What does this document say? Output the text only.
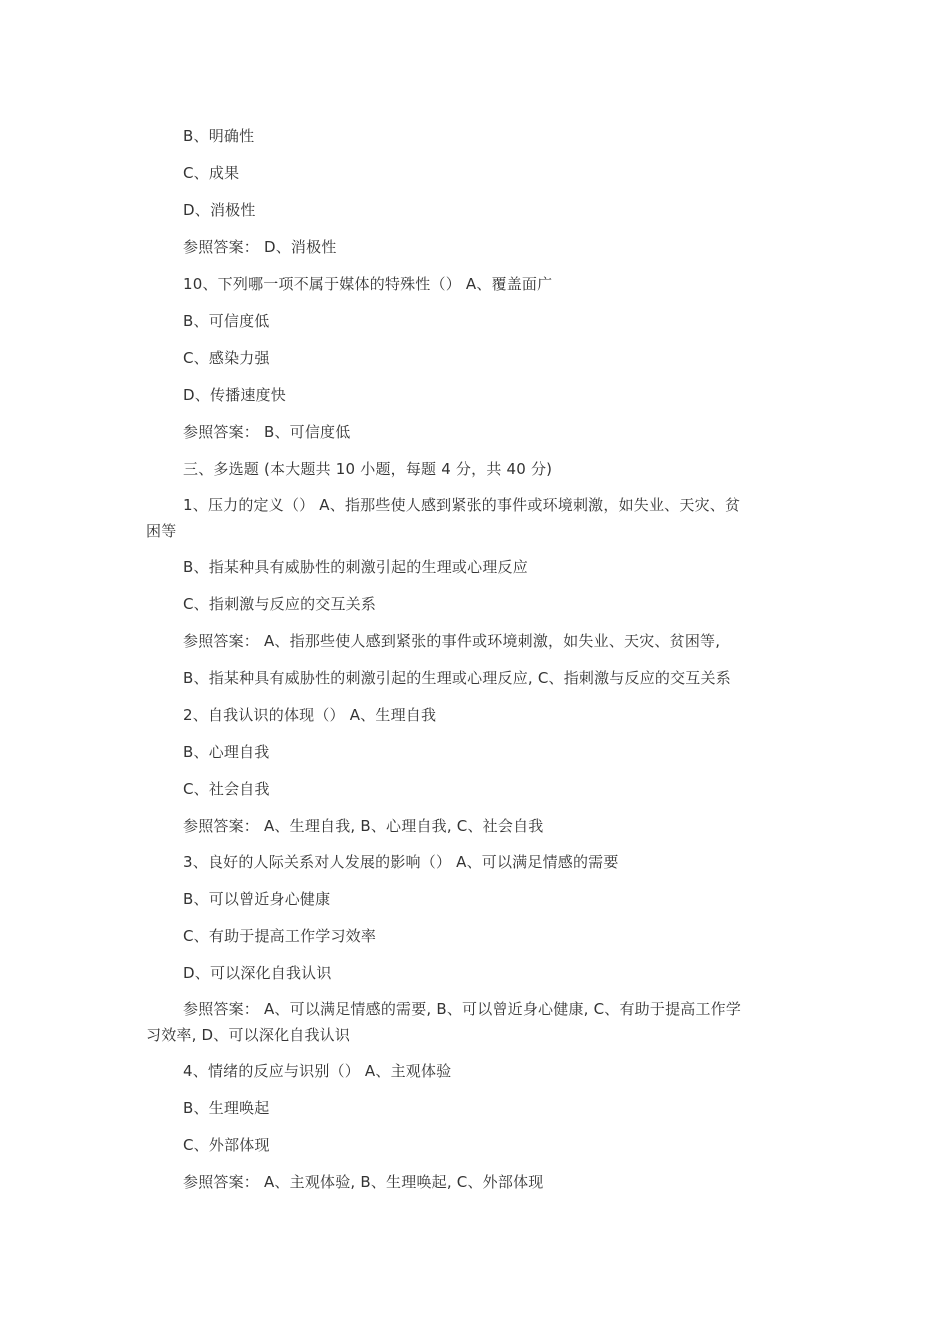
B、明确性
C、成果
D、消极性
参照答案： D、消极性
10、下列哪一项不属于媒体的特殊性（） A、覆盖面广
B、可信度低
C、感染力强
D、传播速度快
参照答案： B、可信度低
三、多选题 (本大题共 10 小题，每题 4 分，共 40 分)
1、压力的定义（） A、指那些使人感到紧张的事件或环境刺激，如失业、天灾、贫
困等
B、指某种具有威胁性的刺激引起的生理或心理反应
C、指刺激与反应的交互关系
参照答案： A、指那些使人感到紧张的事件或环境刺激，如失业、天灾、贫困等,
B、指某种具有威胁性的刺激引起的生理或心理反应, C、指刺激与反应的交互关系
2、自我认识的体现（） A、生理自我
B、心理自我
C、社会自我
参照答案： A、生理自我, B、心理自我, C、社会自我
3、良好的人际关系对人发展的影响（） A、可以满足情感的需要
B、可以曾近身心健康
C、有助于提高工作学习效率
D、可以深化自我认识
参照答案： A、可以满足情感的需要, B、可以曾近身心健康, C、有助于提高工作学
习效率, D、可以深化自我认识
4、情绪的反应与识别（） A、主观体验
B、生理唤起
C、外部体现
参照答案： A、主观体验, B、生理唤起, C、外部体现
